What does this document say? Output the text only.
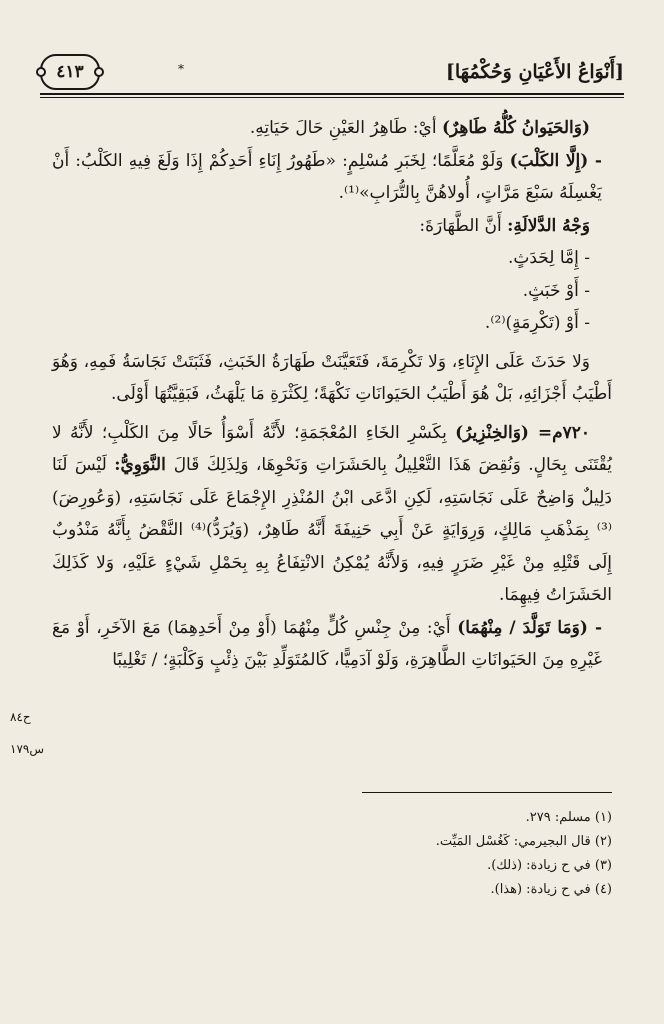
[أَنْوَاعُ الأَعْيَانِ وَحُكْمُهَا]
٤١٣	*

(وَالحَيَوانُ كُلُّهُ طَاهِرٌ) أيْ: طَاهِرُ العَيْنِ حَالَ حَيَاتِهِ.

- (إِلَّا الكَلْبَ) وَلَوْ مُعَلَّمًا؛ لِخَبَرِ مُسْلِمٍ: «طَهُورُ إِنَاءِ أَحَدِكُمْ إِذَا وَلَغَ فِيهِ الكَلْبُ: أَنْ يَغْسِلَهُ سَبْعَ مَرَّاتٍ، أُولاهُنَّ بِالتُّرَابِ»⁽¹⁾.

وَجْهُ الدَّلالَةِ: أَنَّ الطَّهَارَةَ:

- إِمَّا لِحَدَثٍ.

- أَوْ خَبَثٍ.

- أَوْ (تَكْرِمَةٍ)⁽²⁾.

وَلا حَدَثَ عَلَى الإِنَاءِ، وَلا تَكْرِمَةَ، فَتَعَيَّنَتْ طَهَارَةُ الخَبَثِ، فَثَبَتَتْ نَجَاسَةُ فَمِهِ، وَهُوَ أَطْيَبُ أَجْزَائِهِ، بَلْ هُوَ أَطْيَبُ الحَيَوانَاتِ نَكْهَةً؛ لِكَثْرَةِ مَا يَلْهَثُ، فَبَقِيَّتُهَا أَوْلَى.

٧٢٠م= (وَالخِنْزِيرُ) بِكَسْرِ الخَاءِ المُعْجَمَةِ؛ لأَنَّهُ أَسْوَأُ حَالًا مِنَ الكَلْبِ؛ لأَنَّهُ لا يُقْتَنَى بِحَالٍ. وَنُقِضَ هَذَا التَّعْلِيلُ بِالحَشَرَاتِ وَنَحْوِهَا، وَلِذَلِكَ قَالَ النَّوَوِيُّ: لَيْسَ لَنَا دَلِيلٌ وَاضِحٌ عَلَى نَجَاسَتِهِ، لَكِنِ ادَّعَى ابْنُ المُنْذِرِ الإِجْمَاعَ عَلَى نَجَاسَتِهِ، (وَعُورِضَ)⁽³⁾ بِمَذْهَبِ مَالِكٍ، وَرِوَايَةٍ عَنْ أَبِي حَنِيفَةَ أَنَّهُ طَاهِرٌ، (وَيُرَدُّ)⁽⁴⁾ النَّقْضُ بِأَنَّهُ مَنْدُوبٌ إِلَى قَتْلِهِ مِنْ غَيْرِ ضَرَرٍ فِيهِ، وَلأَنَّهُ يُمْكِنُ الانْتِفَاعُ بِهِ بِحَمْلِ شَيْءٍ عَلَيْهِ، وَلا كَذَلِكَ الحَشَرَاتُ فِيهِمَا.

- (وَمَا تَوَلَّدَ / مِنْهُمَا) أَيْ: مِنْ جِنْسِ كُلٍّ مِنْهُمَا (أَوْ مِنْ أَحَدِهِمَا) مَعَ الآخَرِ، أَوْ مَعَ غَيْرِهِ مِنَ الحَيَوانَاتِ الطَّاهِرَةِ، وَلَوْ آدَمِيًّا، كَالمُتَوَلِّدِ بَيْنَ ذِئْبٍ وَكَلْبَةٍ؛ / تَغْلِيبًا

ح٨٤
س١٧٩
(١) مسلم: ٢٧٩.
(٢) قال البجيرمي: كَغُسْل المَيِّت.
(٣) في ح زيادة: (ذلك).
(٤) في ح زيادة: (هذا).
